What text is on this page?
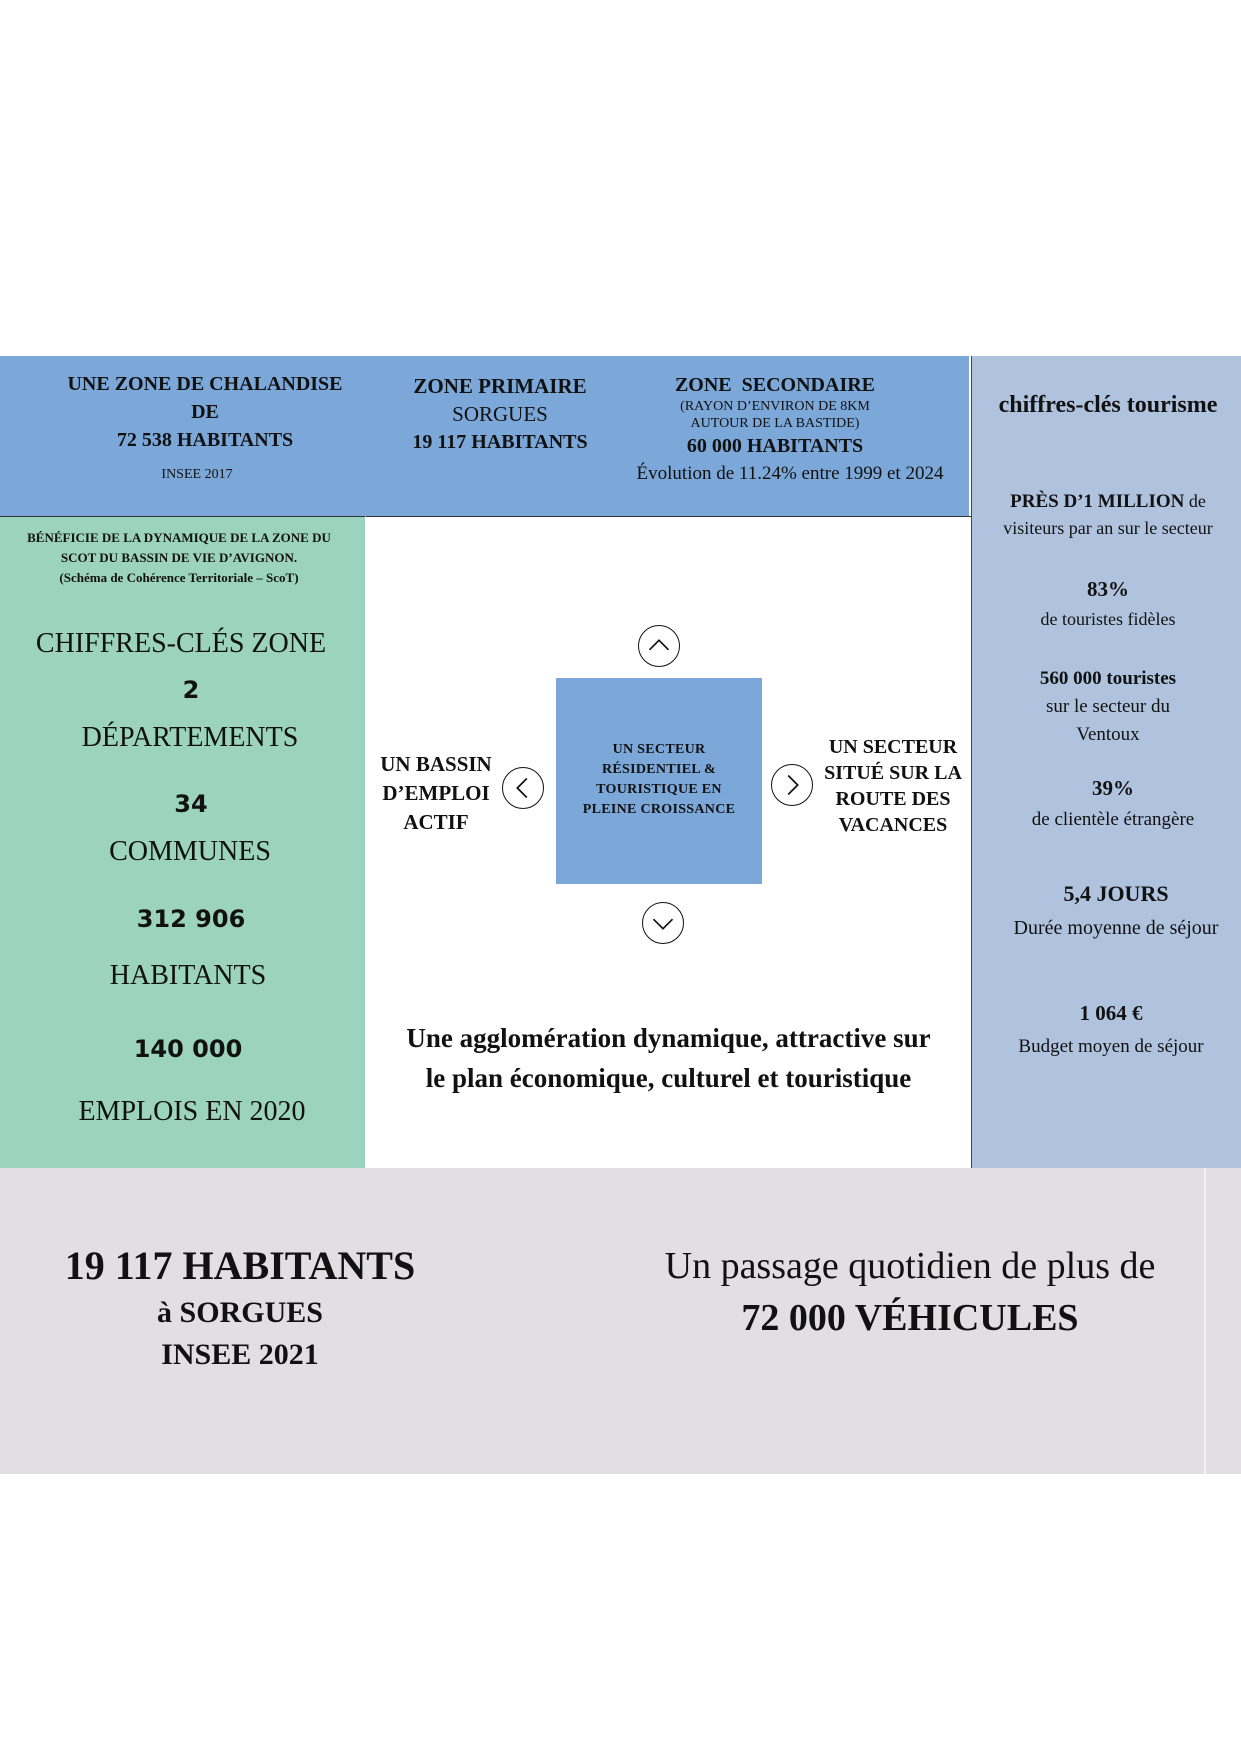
UNE ZONE DE CHALANDISE
DE
72 538 HABITANTS
INSEE 2017
ZONE PRIMAIRE
SORGUES
19 117 HABITANTS
ZONE  SECONDAIRE
(RAYON D’ENVIRON DE 8KM
AUTOUR DE LA BASTIDE)
60 000 HABITANTS
Évolution de 11.24% entre 1999 et 2024
BÉNÉFICIE DE LA DYNAMIQUE DE LA ZONE DU
SCOT DU BASSIN DE VIE D’AVIGNON.
(Schéma de Cohérence Territoriale – ScoT)
CHIFFRES-CLÉS ZONE
2
DÉPARTEMENTS
34
COMMUNES
312 906
HABITANTS
140 000
EMPLOIS EN 2020
UN SECTEUR
RÉSIDENTIEL &
TOURISTIQUE EN
PLEINE CROISSANCE
UN BASSIN
D’EMPLOI
ACTIF
UN SECTEUR
SITUÉ SUR LA
ROUTE DES
VACANCES
Une agglomération dynamique, attractive sur
le plan économique, culturel et touristique
chiffres-clés tourisme
PRÈS D’1 MILLION de
visiteurs par an sur le secteur
83%
de touristes fidèles
560 000 touristes
sur le secteur du
Ventoux
39%
de clientèle étrangère
5,4 JOURS
Durée moyenne de séjour
1 064 €
Budget moyen de séjour
19 117 HABITANTS
à SORGUES
INSEE 2021
Un passage quotidien de plus de
72 000 VÉHICULES
